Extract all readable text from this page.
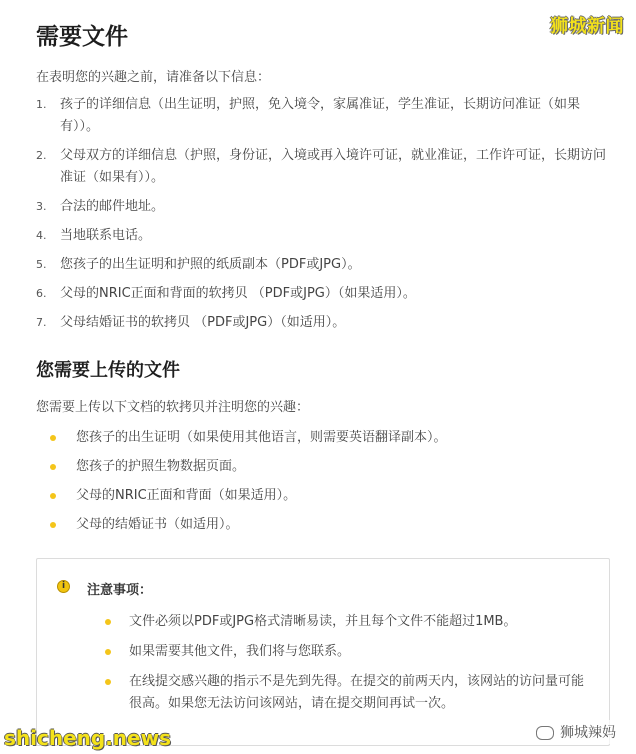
狮城新闻
需要文件

在表明您的兴趣之前，请准备以下信息：

1. 孩子的详细信息（出生证明，护照，免入境令，家属准证，学生准证，长期访问准证（如果有））。
2. 父母双方的详细信息（护照，身份证，入境或再入境许可证，就业准证，工作许可证，长期访问准证（如果有））。
3. 合法的邮件地址。
4. 当地联系电话。
5. 您孩子的出生证明和护照的纸质副本（PDF或JPG）。
6. 父母的NRIC正面和背面的软拷贝 （PDF或JPG）（如果适用）。
7. 父母结婚证书的软拷贝 （PDF或JPG）（如适用）。
您需要上传的文件

您需要上传以下文档的软拷贝并注明您的兴趣：

您孩子的出生证明（如果使用其他语言，则需要英语翻译副本）。
您孩子的护照生物数据页面。
父母的NRIC正面和背面（如果适用）。
父母的结婚证书（如适用）。
i	注意事项：
文件必须以PDF或JPG格式清晰易读，并且每个文件不能超过1MB。
如果需要其他文件，我们将与您联系。
在线提交感兴趣的指示不是先到先得。在提交的前两天内，该网站的访问量可能很高。如果您无法访问该网站，请在提交期间再试一次。
shicheng.news	狮城辣妈
